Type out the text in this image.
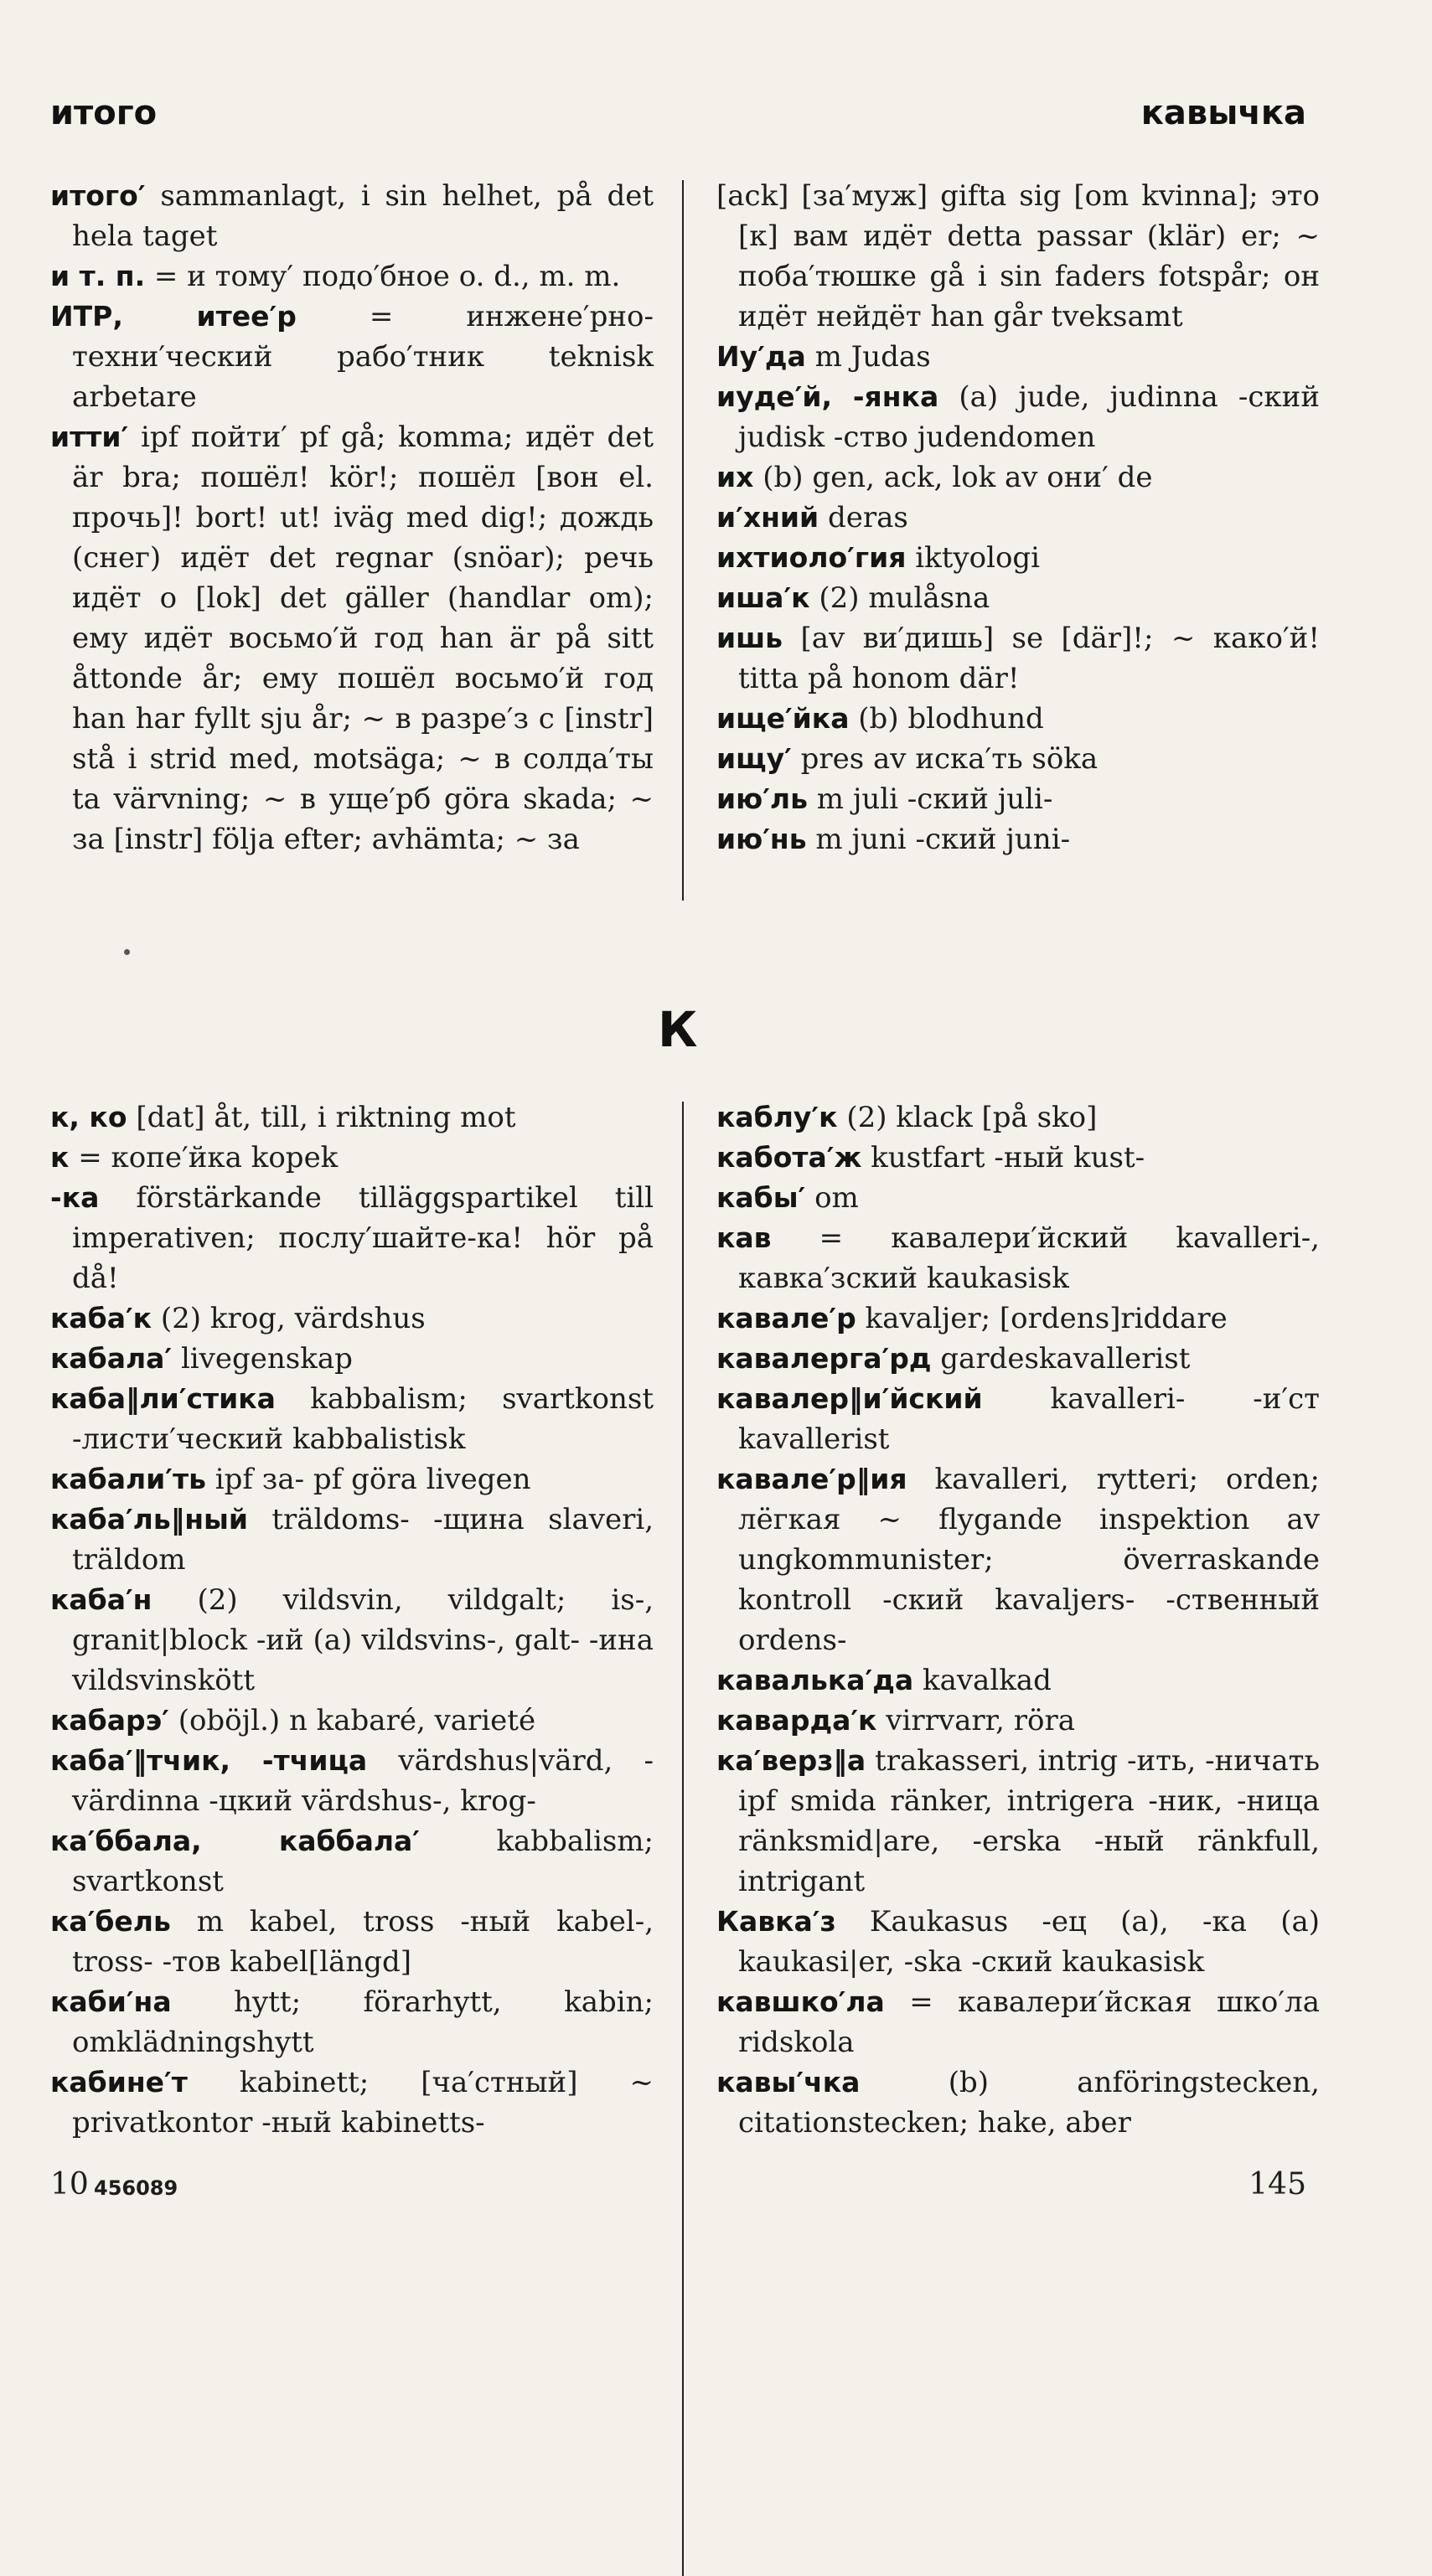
итого	кавычка
итого′ sammanlagt, i sin helhet, på det hela taget
и т. п. = и тому′ подо′бное o. d., m. m.
ИТР, итее′р	= инжене′рно-техни′ческий рабо′тник teknisk arbetare
итти′ ipf пойти′ pf gå; komma; идёт det är bra; пошёл! kör!; пошёл [вон el. прочь]! bort! ut! iväg med dig!; дождь (снег) идёт det regnar (snöar); речь идёт о [lok] det gäller (handlar om); ему идёт восьмо′й год han är på sitt åttonde år; ему пошёл восьмо′й год han har fyllt sju år; ~ в разре′з с [instr] stå i strid med, motsäga; ~ в солда′ты ta värvning; ~ в уще′рб göra skada; ~ за [instr] följa efter; avhämta; ~ за
[ack] [за′муж] gifta sig [om kvinna]; это [к] вам идёт detta passar (klär) er; ~ поба′тюшке gå i sin faders fotspår; он идёт нейдёт han går tveksamt
Иу′да m Judas
иуде′й, -янка (a) jude, judinna -ский judisk -ство judendomen
их (b) gen, ack, lok av они′ de
и′хний deras
ихтиоло′гия iktyologi
иша′к (2) mulåsna
ишь [av ви′дишь] se [där]!; ~ како′й! titta på honom där!
ище′йка (b) blodhund
ищу′ pres av иска′ть söka
ию′ль m juli -ский juli-
ию′нь m juni -ский juni-
К
к, ко [dat] åt, till, i riktning mot
к = копе′йка kopek
-ка förstärkande tilläggspartikel till imperativen; послу′шайте-ка! hör på då!
каба′к (2) krog, värdshus
кабала′ livegenskap
каба‖ли′стика kabbalism; svartkonst -листи′ческий kabbalistisk
кабали′ть ipf за- pf göra livegen
каба′ль‖ный träldoms- -щина slaveri, träldom
каба′н (2) vildsvin, vildgalt; is-, granit|block -ий (a) vildsvins-, galt- -ина vildsvinskött
кабарэ′ (oböjl.) n kabaré, varieté
каба′‖тчик, -тчица värdshus|värd, -värdinna -цкий värdshus-, krog-
ка′ббала, каббала′	kabbalism; svartkonst
ка′бель m kabel, tross -ный kabel-, tross- -тов kabel[längd]
каби′на hytt; förarhytt, kabin; omklädningshytt
кабине′т kabinett; [ча′стный] ~ privatkontor -ный kabinetts-
каблу′к (2) klack [på sko]
кабота′ж kustfart -ный kust-
кабы′ om
кав = кавалери′йский kavalleri-, кавка′зский kaukasisk
кавале′р kavaljer; [ordens]riddare
кавалерга′рд gardeskavallerist
кавалер‖и′йский kavalleri- -и′ст kavallerist
кавале′р‖ия kavalleri, rytteri; orden; лёгкая ~ flygande inspektion av ungkommunister; överraskande kontroll -ский kavaljers- -ственный ordens-
кавалька′да kavalkad
каварда′к virrvarr, röra
ка′верз‖а trakasseri, intrig -ить, -ничать ipf smida ränker, intrigera -ник, -ница ränksmid|are, -erska -ный ränkfull, intrigant
Кавка′з Kaukasus -ец (a), -ка (a) kaukasi|er, -ska -ский kaukasisk
кавшко′ла = кавалери′йская шко′ла ridskola
кавы′чка	(b) anföringstecken, citationstecken; hake, aber
10 456089	145
